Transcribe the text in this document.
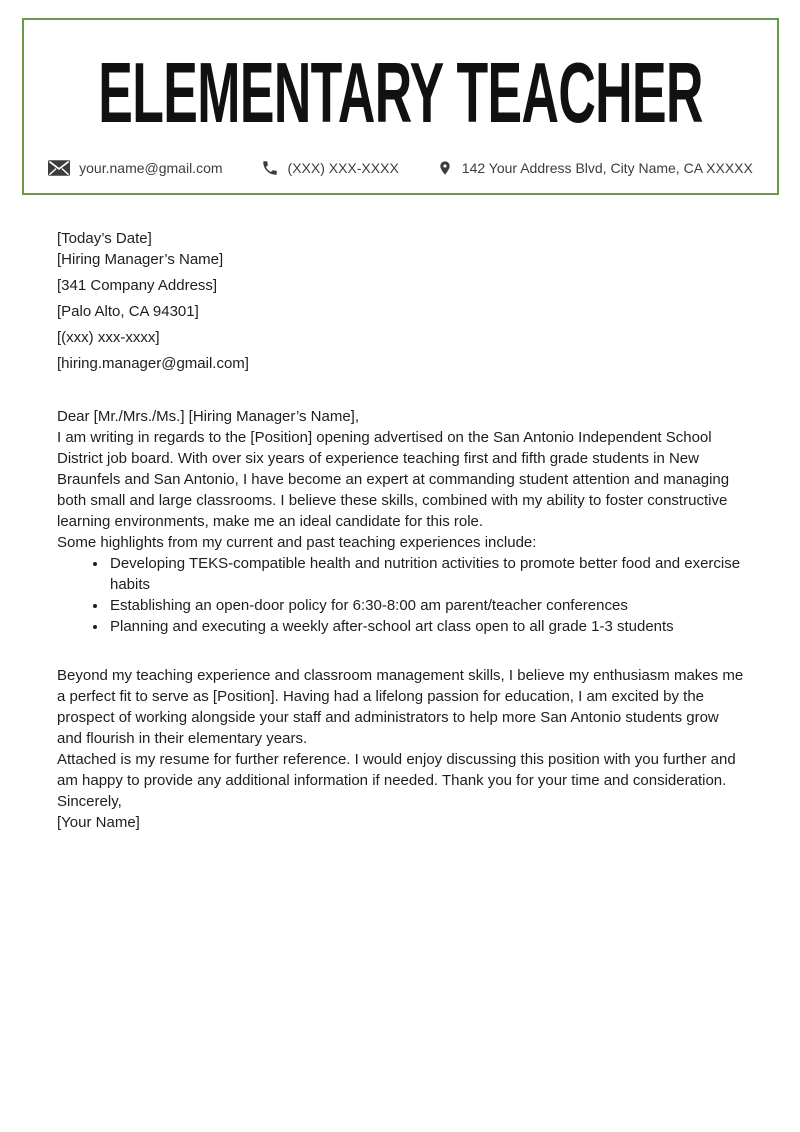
ELEMENTARY TEACHER
your.name@gmail.com	(XXX) XXX-XXXX	142 Your Address Blvd, City Name, CA XXXXX

[Today’s Date]

[Hiring Manager’s Name]

[341 Company Address]

[Palo Alto, CA 94301]

[(xxx) xxx-xxxx]

[hiring.manager@gmail.com]

Dear [Mr./Mrs./Ms.] [Hiring Manager’s Name],

I am writing in regards to the [Position] opening advertised on the San Antonio Independent School District job board. With over six years of experience teaching first and fifth grade students in New Braunfels and San Antonio, I have become an expert at commanding student attention and managing both small and large classrooms. I believe these skills, combined with my ability to foster constructive learning environments, make me an ideal candidate for this role.

Some highlights from my current and past teaching experiences include:

• Developing TEKS-compatible health and nutrition activities to promote better food and exercise habits
• Establishing an open-door policy for 6:30-8:00 am parent/teacher conferences
• Planning and executing a weekly after-school art class open to all grade 1-3 students

Beyond my teaching experience and classroom management skills, I believe my enthusiasm makes me a perfect fit to serve as [Position]. Having had a lifelong passion for education, I am excited by the prospect of working alongside your staff and administrators to help more San Antonio students grow and flourish in their elementary years.

Attached is my resume for further reference. I would enjoy discussing this position with you further and am happy to provide any additional information if needed. Thank you for your time and consideration.

Sincerely,

[Your Name]
